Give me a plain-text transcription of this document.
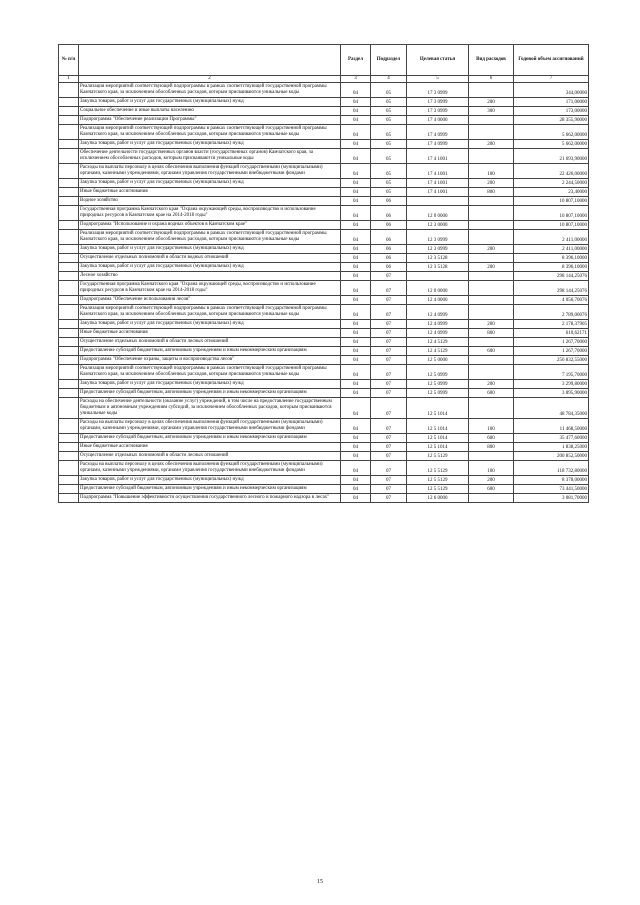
№ п/п		Раздел	Подраздел	Целевая статья	Вид расходов	Годовой объем ассигнований
1	2	3	4	5	6	7
	Реализация мероприятий соответствующей подпрограммы в рамках соответствующей государственной программы Камчатского края, за исключением обособленных расходов, которым присваиваются уникальные коды	04	05	17 3 0999		344,00000
	Закупка товаров, работ и услуг для государственных (муниципальных) нужд	04	05	17 3 0999	200	171,00000
	Социальное обеспечение и иные выплаты населению	04	05	17 3 0999	300	173,00000
	Подпрограмма "Обеспечение реализации Программы"	04	05	17 4 0000		28 355,90000
	Реализация мероприятий соответствующей подпрограммы в рамках соответствующей государственной программы Камчатского края, за исключением обособленных расходов, которым присваиваются уникальные коды	04	05	17 4 0999		5 662,00000
	Закупка товаров, работ и услуг для государственных (муниципальных) нужд	04	05	17 4 0999	200	5 662,00000
	Обеспечение деятельности государственных органов власти (государственных органов) Камчатского края, за исключением обособленных расходов, которым присваиваются уникальные коды	04	05	17 4 1001		21 693,90000
	Расходы на выплаты персоналу в целях обеспечения выполнения функций государственными (муниципальными) органами, казенными учреждениями, органами управления государственными внебюджетными фондами	04	05	17 4 1001	100	22 426,00000
	Закупка товаров, работ и услуг для государственных (муниципальных) нужд	04	05	17 4 1001	200	2 244,50000
	Иные бюджетные ассигнования	04	05	17 4 1001	800	23,40000
	Водное хозяйство	04	06			10 807,10000
	Государственная программа Камчатского края "Охрана окружающей среды, воспроизводство и использование природных ресурсов в Камчатском крае на 2014-2018 годы"	04	06	12 0 0000		10 807,10000
	Подпрограмма "Использование и охрана водных объектов в Камчатском крае"	04	06	12 3 0000		10 807,10000
	Реализация мероприятий соответствующей подпрограммы в рамках соответствующей государственной программы Камчатского края, за исключением обособленных расходов, которым присваиваются уникальные коды	04	06	12 3 0999		2 411,00000
	Закупка товаров, работ и услуг для государственных (муниципальных) нужд	04	06	12 3 0999	200	2 411,00000
	Осуществление отдельных полномочий в области водных отношений	04	06	12 3 5128		8 396,10000
	Закупка товаров, работ и услуг для государственных (муниципальных) нужд	04	06	12 3 5128	200	8 396,10000
	Лесное хозяйство	04	07			298 144,25076
	Государственная программа Камчатского края "Охрана окружающей среды, воспроизводство и использование природных ресурсов в Камчатском крае на 2014-2018 годы"	04	07	12 0 0000		298 144,25076
	Подпрограмма "Обеспечение использования лесов"	04	07	12 4 0000		4 056,70076
	Реализация мероприятий соответствующей подпрограммы в рамках соответствующей государственной программы Камчатского края, за исключением обособленных расходов, которым присваиваются уникальные коды	04	07	12 4 0999		2 789,00076
	Закупка товаров, работ и услуг для государственных (муниципальных) нужд	04	07	12 4 0999	200	2 178,37905
	Иные бюджетные ассигнования	04	07	12 4 0999	800	610,62171
	Осуществление отдельных полномочий в области лесных отношений	04	07	12 4 5129		1 267,70000
	Предоставление субсидий бюджетным, автономным учреждениям и иным некоммерческим организациям	04	07	12 4 5129	600	1 267,70000
	Подпрограмма "Обеспечение охраны, защиты и воспроизводства лесов"	04	07	12 5 0000		256 832,55000
	Реализация мероприятий соответствующей подпрограммы в рамках соответствующей государственной программы Камчатского края, за исключением обособленных расходов, которым присваиваются уникальные коды	04	07	12 5 0999		7 195,70000
	Закупка товаров, работ и услуг для государственных (муниципальных) нужд	04	07	12 5 0999	200	3 299,80000
	Предоставление субсидий бюджетным, автономным учреждениям и иным некоммерческим организациям	04	07	12 5 0999	600	3 895,90000
	Расходы на обеспечение деятельности (оказание услуг) учреждений, в том числе на предоставление государственным бюджетным и автономным учреждениям субсидий, за исключением обособленных расходов, которым присваиваются уникальные коды	04	07	12 5 1014		48 784,35000
	Расходы на выплаты персоналу в целях обеспечения выполнения функций государственными (муниципальными) органами, казенными учреждениями, органами управления государственными внебюджетными фондами	04	07	12 5 1014	100	11 468,50000
	Предоставление субсидий бюджетным, автономным учреждениям и иным некоммерческим организациям	04	07	12 5 1014	600	35 477,60000
	Иные бюджетные ассигнования	04	07	12 5 1014	800	1 838,25000
	Осуществление отдельных полномочий в области лесных отношений	04	07	12 5 5129		200 852,50000
	Расходы на выплаты персоналу в целях обеспечения выполнения функций государственными (муниципальными) органами, казенными учреждениями, органами управления государственными внебюджетными фондами	04	07	12 5 5129	100	118 732,80000
	Закупка товаров, работ и услуг для государственных (муниципальных) нужд	04	07	12 5 5129	200	8 378,00000
	Предоставление субсидий бюджетным, автономным учреждениям и иным некоммерческим организациям	04	07	12 5 5129	600	73 441,50000
	Подпрограмма "Повышение эффективности осуществления государственного лесного и пожарного надзора в лесах"	04	07	12 6 0000		3 081,70000
15
